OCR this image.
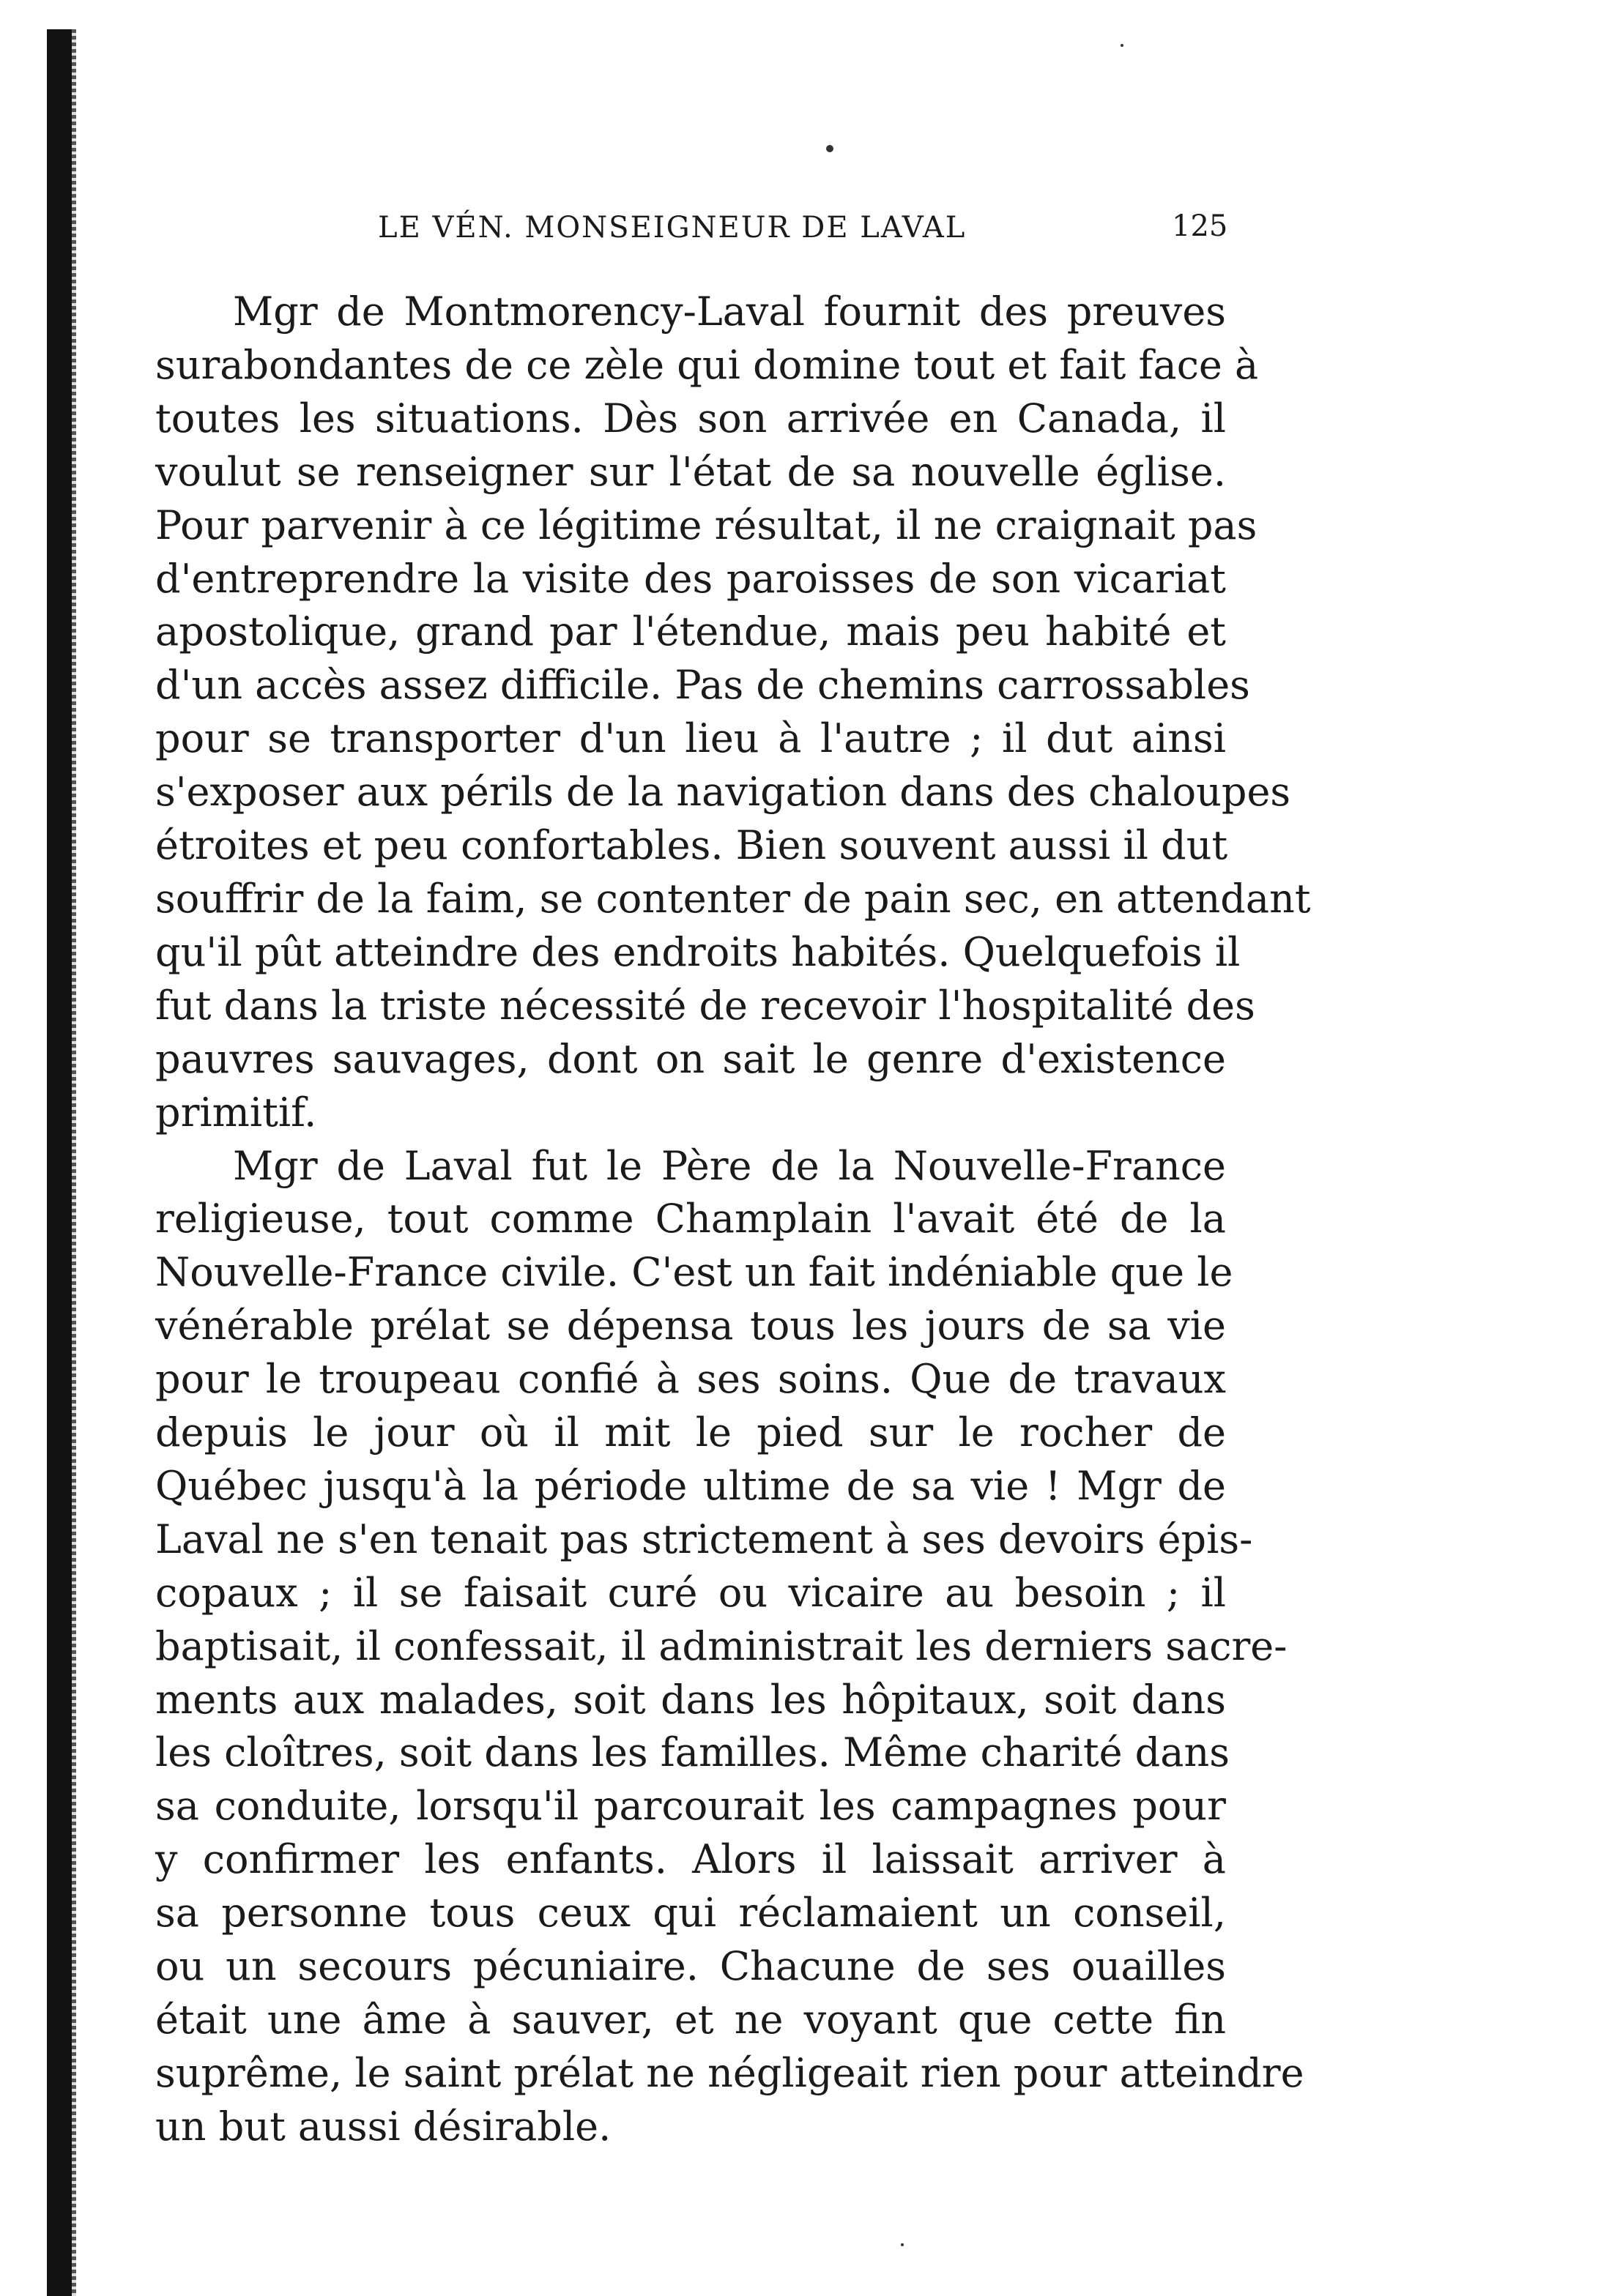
LE VÉN. MONSEIGNEUR DE LAVAL	125
Mgr de Montmorency-Laval fournit des preuves
surabondantes de ce zèle qui domine tout et fait face à
toutes les situations. Dès son arrivée en Canada, il
voulut se renseigner sur l'état de sa nouvelle église.
Pour parvenir à ce légitime résultat, il ne craignait pas
d'entreprendre la visite des paroisses de son vicariat
apostolique, grand par l'étendue, mais peu habité et
d'un accès assez difficile. Pas de chemins carrossables
pour se transporter d'un lieu à l'autre ; il dut ainsi
s'exposer aux périls de la navigation dans des chaloupes
étroites et peu confortables. Bien souvent aussi il dut
souffrir de la faim, se contenter de pain sec, en attendant
qu'il pût atteindre des endroits habités. Quelquefois il
fut dans la triste nécessité de recevoir l'hospitalité des
pauvres sauvages, dont on sait le genre d'existence
primitif.
Mgr de Laval fut le Père de la Nouvelle-France
religieuse, tout comme Champlain l'avait été de la
Nouvelle-France civile. C'est un fait indéniable que le
vénérable prélat se dépensa tous les jours de sa vie
pour le troupeau confié à ses soins. Que de travaux
depuis le jour où il mit le pied sur le rocher de
Québec jusqu'à la période ultime de sa vie ! Mgr de
Laval ne s'en tenait pas strictement à ses devoirs épis-
copaux ; il se faisait curé ou vicaire au besoin ; il
baptisait, il confessait, il administrait les derniers sacre-
ments aux malades, soit dans les hôpitaux, soit dans
les cloîtres, soit dans les familles. Même charité dans
sa conduite, lorsqu'il parcourait les campagnes pour
y confirmer les enfants. Alors il laissait arriver à
sa personne tous ceux qui réclamaient un conseil,
ou un secours pécuniaire. Chacune de ses ouailles
était une âme à sauver, et ne voyant que cette fin
suprême, le saint prélat ne négligeait rien pour atteindre
un but aussi désirable.
